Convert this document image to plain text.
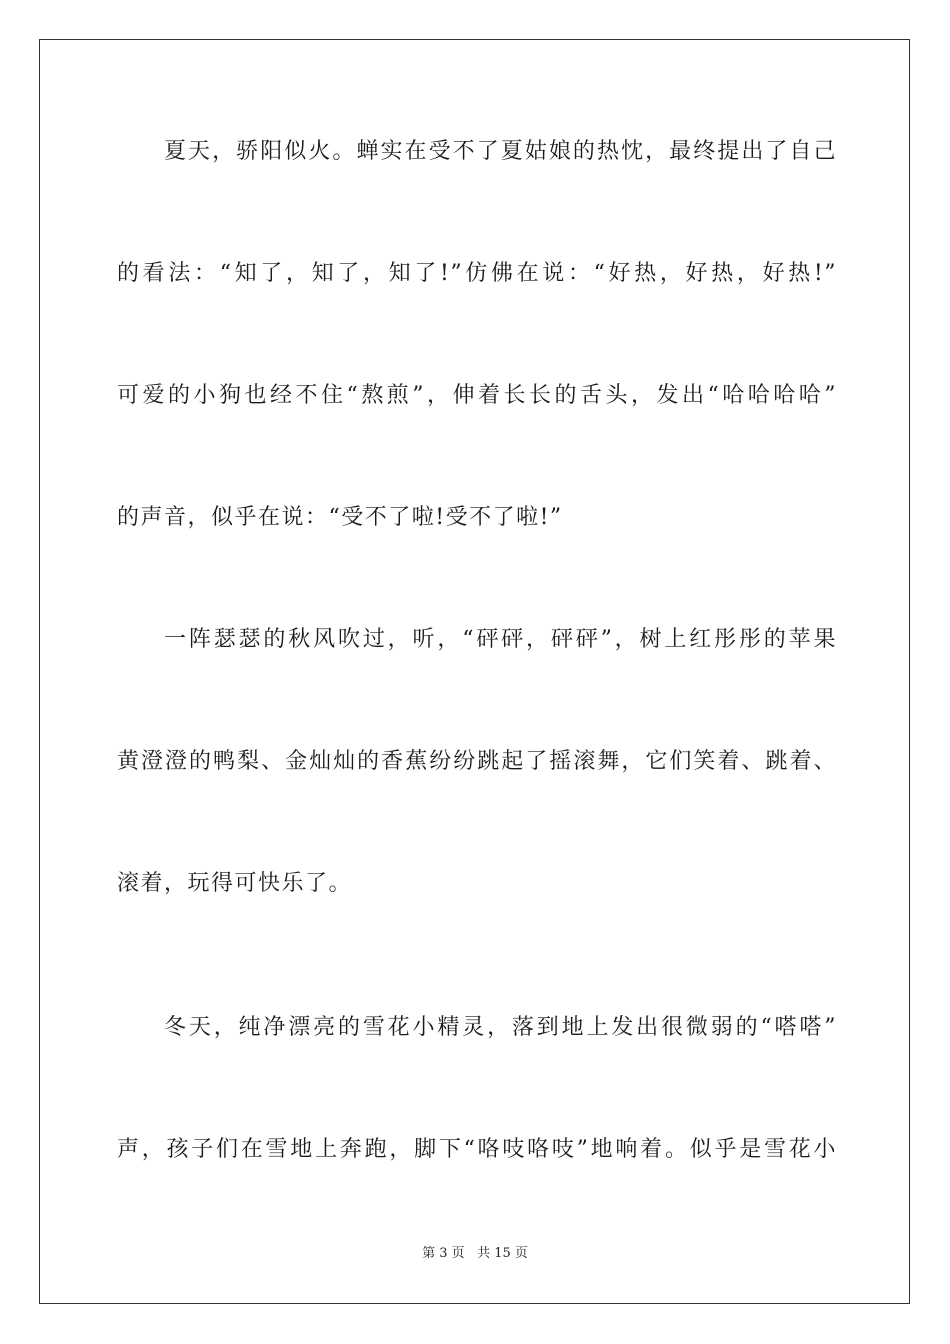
夏天，骄阳似火。蝉实在受不了夏姑娘的热忱，最终提出了自己
的看法：“知了，知了，知了!”仿佛在说：“好热，好热，好热!”
可爱的小狗也经不住“熬煎”，伸着长长的舌头，发出“哈哈哈哈”
的声音，似乎在说：“受不了啦!受不了啦!”
一阵瑟瑟的秋风吹过，听，“砰砰，砰砰”，树上红彤彤的苹果
黄澄澄的鸭梨、金灿灿的香蕉纷纷跳起了摇滚舞，它们笑着、跳着、
滚着，玩得可快乐了。
冬天，纯净漂亮的雪花小精灵，落到地上发出很微弱的“嗒嗒”
声，孩子们在雪地上奔跑，脚下“咯吱咯吱”地响着。似乎是雪花小
第 3 页 共 15 页
